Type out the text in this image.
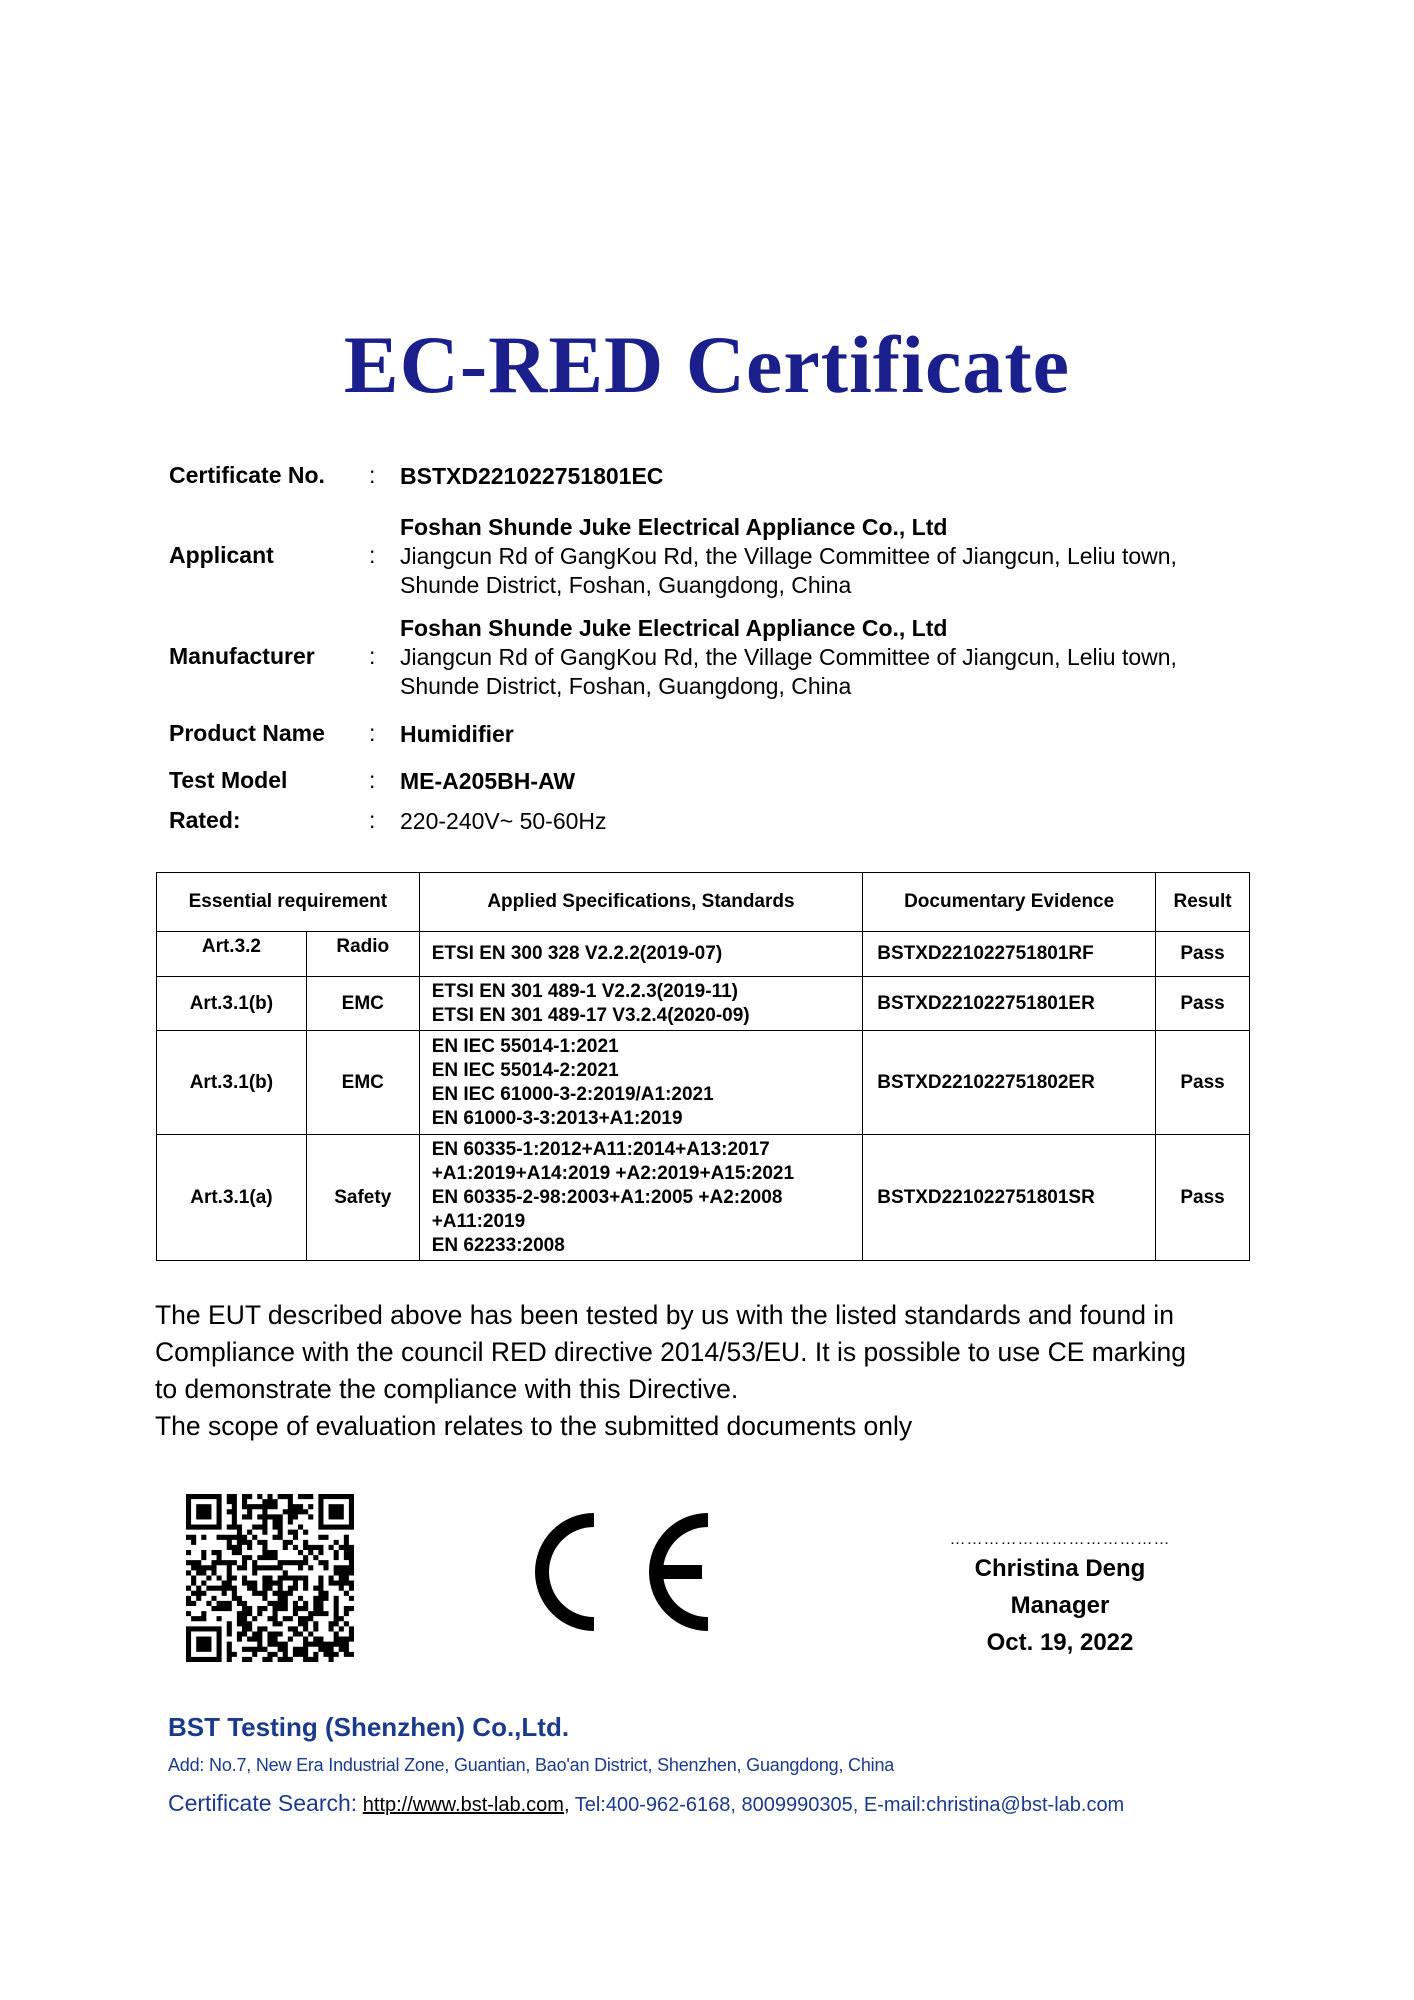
EC-RED Certificate
Certificate No. : BSTXD221022751801EC
Applicant	:
Foshan Shunde Juke Electrical Appliance Co., Ltd
Jiangcun Rd of GangKou Rd, the Village Committee of Jiangcun, Leliu town,
Shunde District, Foshan, Guangdong, China
Manufacturer :
Foshan Shunde Juke Electrical Appliance Co., Ltd
Jiangcun Rd of GangKou Rd, the Village Committee of Jiangcun, Leliu town,
Shunde District, Foshan, Guangdong, China
Product Name : Humidifier
Test Model	: ME-A205BH-AW
Rated:	: 220-240V~ 50-60Hz
Essential requirement		Applied Specifications, Standards	Documentary Evidence	Result
Art.3.2	Radio	ETSI EN 300 328 V2.2.2(2019-07)	BSTXD221022751801RF	Pass
Art.3.1(b)	EMC	ETSI EN 301 489-1 V2.2.3(2019-11)
ETSI EN 301 489-17 V3.2.4(2020-09)	BSTXD221022751801ER	Pass
Art.3.1(b)	EMC	EN IEC 55014-1:2021
EN IEC 55014-2:2021
EN IEC 61000-3-2:2019/A1:2021
EN 61000-3-3:2013+A1:2019	BSTXD221022751802ER	Pass
Art.3.1(a)	Safety	EN 60335-1:2012+A11:2014+A13:2017
+A1:2019+A14:2019 +A2:2019+A15:2021
EN 60335-2-98:2003+A1:2005 +A2:2008
+A11:2019
EN 62233:2008	BSTXD221022751801SR	Pass

The EUT described above has been tested by us with the listed standards and found in

Compliance with the council RED directive 2014/53/EU. It is possible to use CE marking

to demonstrate the compliance with this Directive.

The scope of evaluation relates to the submitted documents only

…………………………………
Christina Deng
Manager
Oct. 19, 2022
BST Testing (Shenzhen) Co.,Ltd.
Add: No.7, New Era Industrial Zone, Guantian, Bao'an District, Shenzhen, Guangdong, China
Certificate Search: http://www.bst-lab.com, Tel:400-962-6168, 8009990305, E-mail:christina@bst-lab.com
